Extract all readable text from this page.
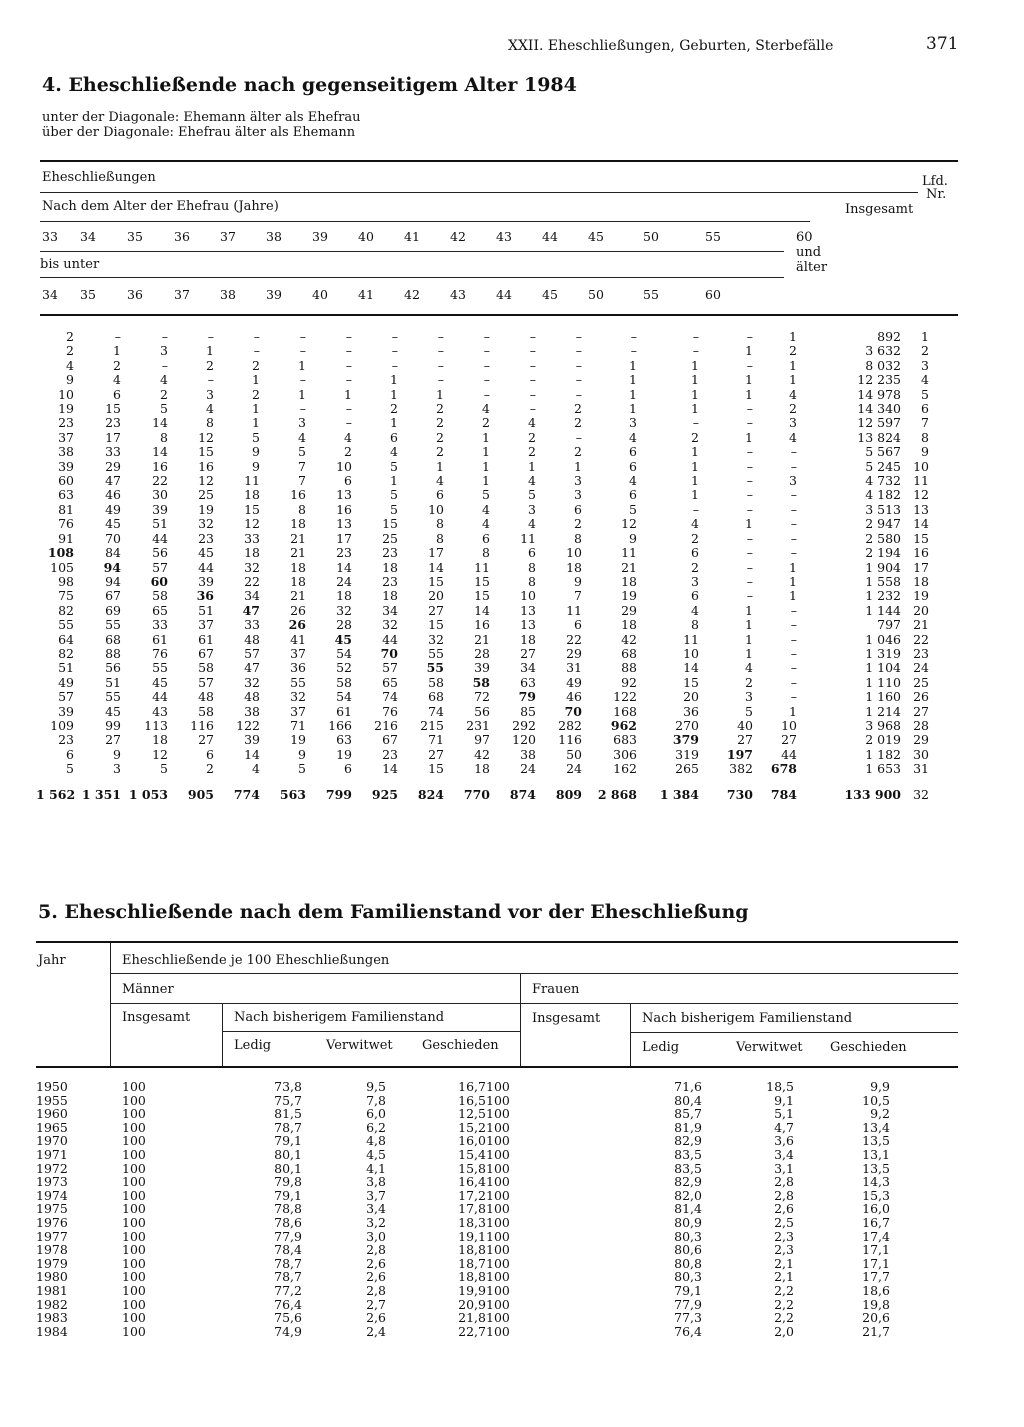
XXII. Eheschließungen, Geburten, Sterbefälle	371
4. Eheschließende nach gegenseitigem Alter 1984
unter der Diagonale: Ehemann älter als Ehefrau
über der Diagonale: Ehefrau älter als Ehemann
Eheschließungen	Lfd.
Nr.
Nach dem Alter der Ehefrau (Jahre)	Insgesamt
33	34	35	36	37	38	39	40	41	42	43	44	45	50	55
bis unter
34	35	36	37	38	39	40	41	42	43	44	45	50	55	60
60
und
älter
2	–	–	–	–	–	–	–	–	–	–	–	–	–	–	1	892	1
2	1	3	1	–	–	–	–	–	–	–	–	–	–	1	2	3 632	2
4	2	–	2	2	1	–	–	–	–	–	–	1	1	–	1	8 032	3
9	4	4	–	1	–	–	1	–	–	–	–	1	1	1	1	12 235	4
10	6	2	3	2	1	1	1	1	–	–	–	1	1	1	4	14 978	5
19	15	5	4	1	–	–	2	2	4	–	2	1	1	–	2	14 340	6
23	23	14	8	1	3	–	1	2	2	4	2	3	–	–	3	12 597	7
37	17	8	12	5	4	4	6	2	1	2	–	4	2	1	4	13 824	8
38	33	14	15	9	5	2	4	2	1	2	2	6	1	–	–	5 567	9
39	29	16	16	9	7	10	5	1	1	1	1	6	1	–	–	5 245	10
60	47	22	12	11	7	6	1	4	1	4	3	4	1	–	3	4 732	11
63	46	30	25	18	16	13	5	6	5	5	3	6	1	–	–	4 182	12
81	49	39	19	15	8	16	5	10	4	3	6	5	–	–	–	3 513	13
76	45	51	32	12	18	13	15	8	4	4	2	12	4	1	–	2 947	14
91	70	44	23	33	21	17	25	8	6	11	8	9	2	–	–	2 580	15
108	84	56	45	18	21	23	23	17	8	6	10	11	6	–	–	2 194	16
105	94	57	44	32	18	14	18	14	11	8	18	21	2	–	1	1 904	17
98	94	60	39	22	18	24	23	15	15	8	9	18	3	–	1	1 558	18
75	67	58	36	34	21	18	18	20	15	10	7	19	6	–	1	1 232	19
82	69	65	51	47	26	32	34	27	14	13	11	29	4	1	–	1 144	20
55	55	33	37	33	26	28	32	15	16	13	6	18	8	1	–	797	21
64	68	61	61	48	41	45	44	32	21	18	22	42	11	1	–	1 046	22
82	88	76	67	57	37	54	70	55	28	27	29	68	10	1	–	1 319	23
51	56	55	58	47	36	52	57	55	39	34	31	88	14	4	–	1 104	24
49	51	45	57	32	55	58	65	58	58	63	49	92	15	2	–	1 110	25
57	55	44	48	48	32	54	74	68	72	79	46	122	20	3	–	1 160	26
39	45	43	58	38	37	61	76	74	56	85	70	168	36	5	1	1 214	27
109	99	113	116	122	71	166	216	215	231	292	282	962	270	40	10	3 968	28
23	27	18	27	39	19	63	67	71	97	120	116	683	379	27	27	2 019	29
6	9	12	6	14	9	19	23	27	42	38	50	306	319	197	44	1 182	30
5	3	5	2	4	5	6	14	15	18	24	24	162	265	382	678	1 653	31
1 562	1 351	1 053	905	774	563	799	925	824	770	874	809	2 868	1 384	730	784	133 900	32
5. Eheschließende nach dem Familienstand vor der Eheschließung
Jahr	Eheschließende je 100 Eheschließungen
Männer	Frauen
Insgesamt	Nach bisherigem Familienstand	Insgesamt	Nach bisherigem Familienstand
Ledig	Verwitwet Geschieden	Ledig	Verwitwet Geschieden
1950	100	73,8	9,5	16,7	100	71,6	18,5	9,9
1955	100	75,7	7,8	16,5	100	80,4	9,1	10,5
1960	100	81,5	6,0	12,5	100	85,7	5,1	9,2
1965	100	78,7	6,2	15,2	100	81,9	4,7	13,4
1970	100	79,1	4,8	16,0	100	82,9	3,6	13,5
1971	100	80,1	4,5	15,4	100	83,5	3,4	13,1
1972	100	80,1	4,1	15,8	100	83,5	3,1	13,5
1973	100	79,8	3,8	16,4	100	82,9	2,8	14,3
1974	100	79,1	3,7	17,2	100	82,0	2,8	15,3
1975	100	78,8	3,4	17,8	100	81,4	2,6	16,0
1976	100	78,6	3,2	18,3	100	80,9	2,5	16,7
1977	100	77,9	3,0	19,1	100	80,3	2,3	17,4
1978	100	78,4	2,8	18,8	100	80,6	2,3	17,1
1979	100	78,7	2,6	18,7	100	80,8	2,1	17,1
1980	100	78,7	2,6	18,8	100	80,3	2,1	17,7
1981	100	77,2	2,8	19,9	100	79,1	2,2	18,6
1982	100	76,4	2,7	20,9	100	77,9	2,2	19,8
1983	100	75,6	2,6	21,8	100	77,3	2,2	20,6
1984	100	74,9	2,4	22,7	100	76,4	2,0	21,7
